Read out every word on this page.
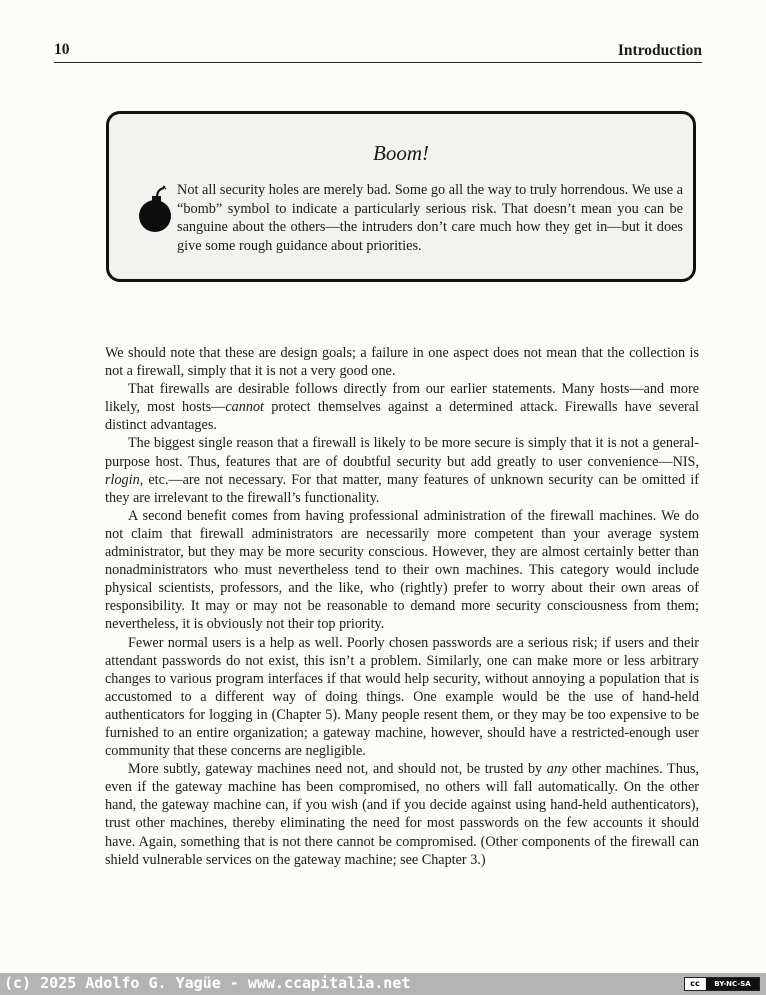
10	Introduction
Boom!
Not all security holes are merely bad. Some go all the way to truly horrendous. We use a “bomb” symbol to indicate a particularly serious risk. That doesn’t mean you can be sanguine about the others—the intruders don’t care much how they get in—but it does give some rough guidance about priorities.

We should note that these are design goals; a failure in one aspect does not mean that the collection is not a firewall, simply that it is not a very good one.

That firewalls are desirable follows directly from our earlier statements. Many hosts—and more likely, most hosts—cannot protect themselves against a determined attack. Firewalls have several distinct advantages.

The biggest single reason that a firewall is likely to be more secure is simply that it is not a general-purpose host. Thus, features that are of doubtful security but add greatly to user convenience—NIS, rlogin, etc.—are not necessary. For that matter, many features of unknown security can be omitted if they are irrelevant to the firewall’s functionality.

A second benefit comes from having professional administration of the firewall machines. We do not claim that firewall administrators are necessarily more competent than your average system administrator, but they may be more security conscious. However, they are almost certainly better than nonadministrators who must nevertheless tend to their own machines. This category would include physical scientists, professors, and the like, who (rightly) prefer to worry about their own areas of responsibility. It may or may not be reasonable to demand more security consciousness from them; nevertheless, it is obviously not their top priority.

Fewer normal users is a help as well. Poorly chosen passwords are a serious risk; if users and their attendant passwords do not exist, this isn’t a problem. Similarly, one can make more or less arbitrary changes to various program interfaces if that would help security, without annoying a population that is accustomed to a different way of doing things. One example would be the use of hand-held authenticators for logging in (Chapter 5). Many people resent them, or they may be too expensive to be furnished to an entire organization; a gateway machine, however, should have a restricted-enough user community that these concerns are negligible.

More subtly, gateway machines need not, and should not, be trusted by any other machines. Thus, even if the gateway machine has been compromised, no others will fall automatically. On the other hand, the gateway machine can, if you wish (and if you decide against using hand-held authenticators), trust other machines, thereby eliminating the need for most passwords on the few accounts it should have. Again, something that is not there cannot be compromised. (Other components of the firewall can shield vulnerable services on the gateway machine; see Chapter 3.)

(c) 2025 Adolfo G. Yagüe - www.ccapitalia.net	cc	BY-NC-SA
